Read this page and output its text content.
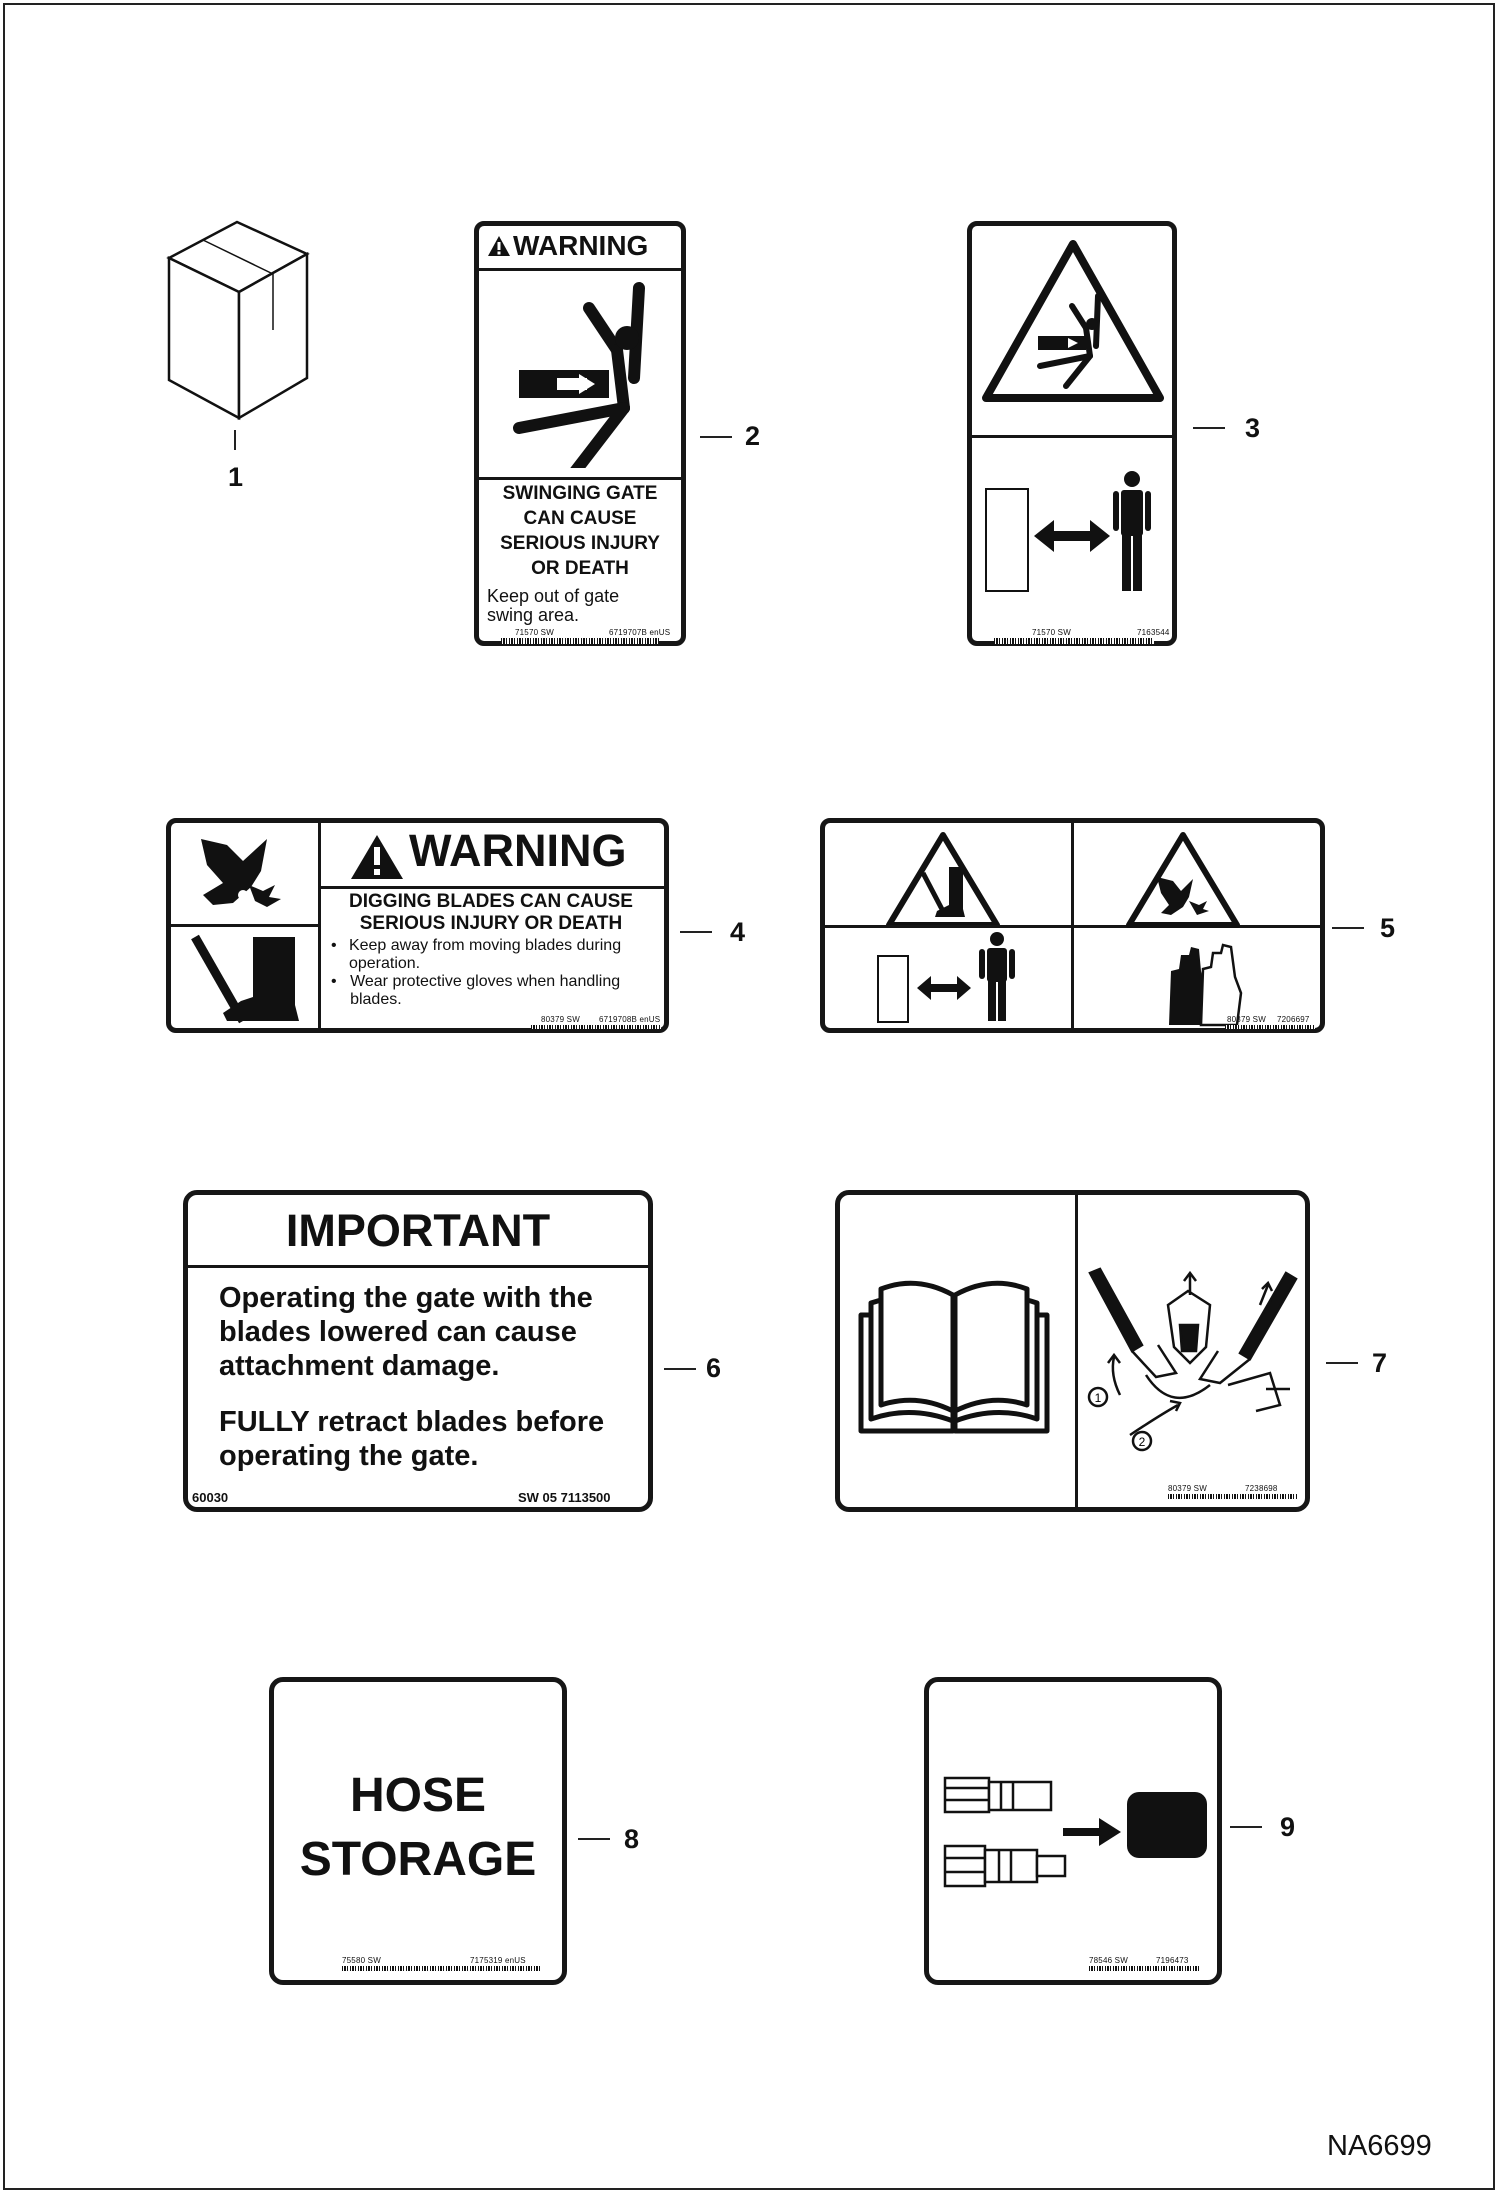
1
WARNING
SWINGING GATE
CAN CAUSE
SERIOUS INJURY
OR DEATH
Keep out of gate swing area.
71570 SW	6719707B enUS
2
71570 SW	7163544
3
WARNING
DIGGING BLADES CAN CAUSE
SERIOUS INJURY OR DEATH
• Keep away from moving blades during operation.
• Wear protective gloves when handling blades.
80379 SW 6719708B enUS
4
80379 SW 7206697
5
IMPORTANT
Operating the gate with the blades lowered can cause attachment damage.
FULLY retract blades before operating the gate.
60030	SW 05 7113500
6
1
2
80379 SW	7238698
7
HOSE
STORAGE
75580 SW	7175319 enUS
8
78546 SW	7196473
9
NA6699
